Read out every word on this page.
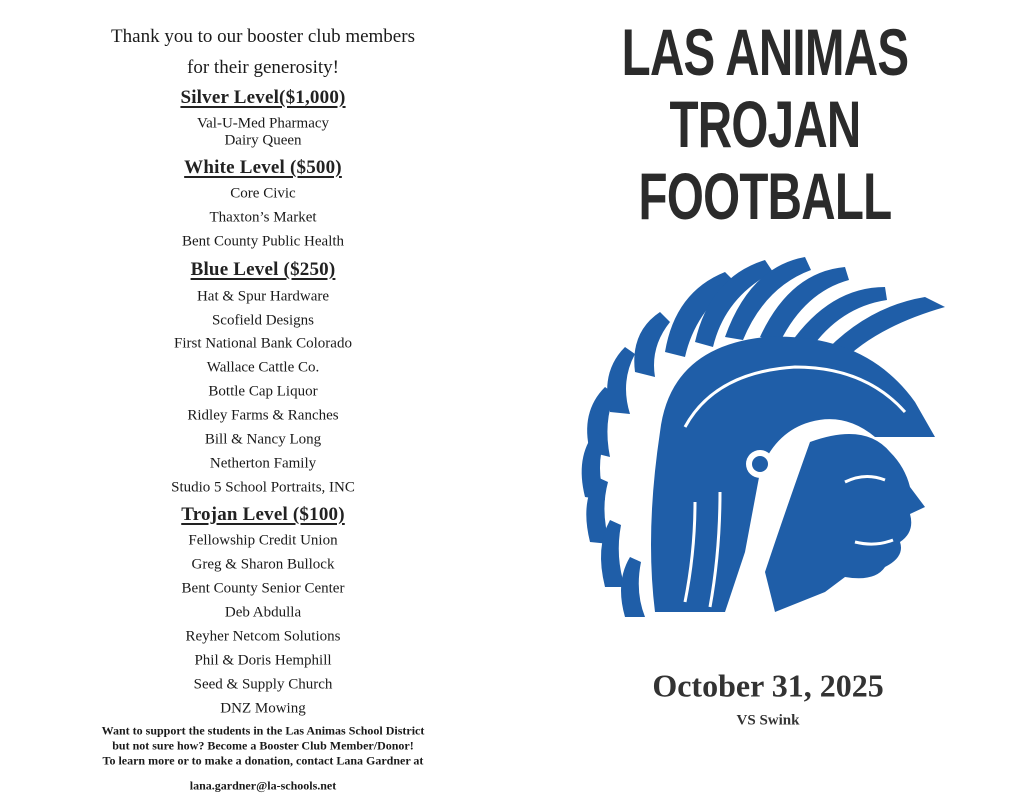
Thank you to our booster club members
for their generosity!
Silver Level($1,000)
Val-U-Med Pharmacy
Dairy Queen
White Level ($500)
Core Civic
Thaxton’s Market
Bent County Public Health
Blue Level ($250)
Hat & Spur Hardware
Scofield Designs
First National Bank Colorado
Wallace Cattle Co.
Bottle Cap Liquor
Ridley Farms & Ranches
Bill & Nancy Long
Netherton Family
Studio 5 School Portraits, INC
Trojan Level ($100)
Fellowship Credit Union
Greg & Sharon Bullock
Bent County Senior Center
Deb Abdulla
Reyher Netcom Solutions
Phil & Doris Hemphill
Seed & Supply Church
DNZ Mowing
Want to support the students in the Las Animas School District
but not sure how? Become a Booster Club Member/Donor!
To learn more or to make a donation, contact Lana Gardner at
lana.gardner@la-schools.net
LAS ANIMAS
TROJAN
FOOTBALL
October 31, 2025
VS Swink
